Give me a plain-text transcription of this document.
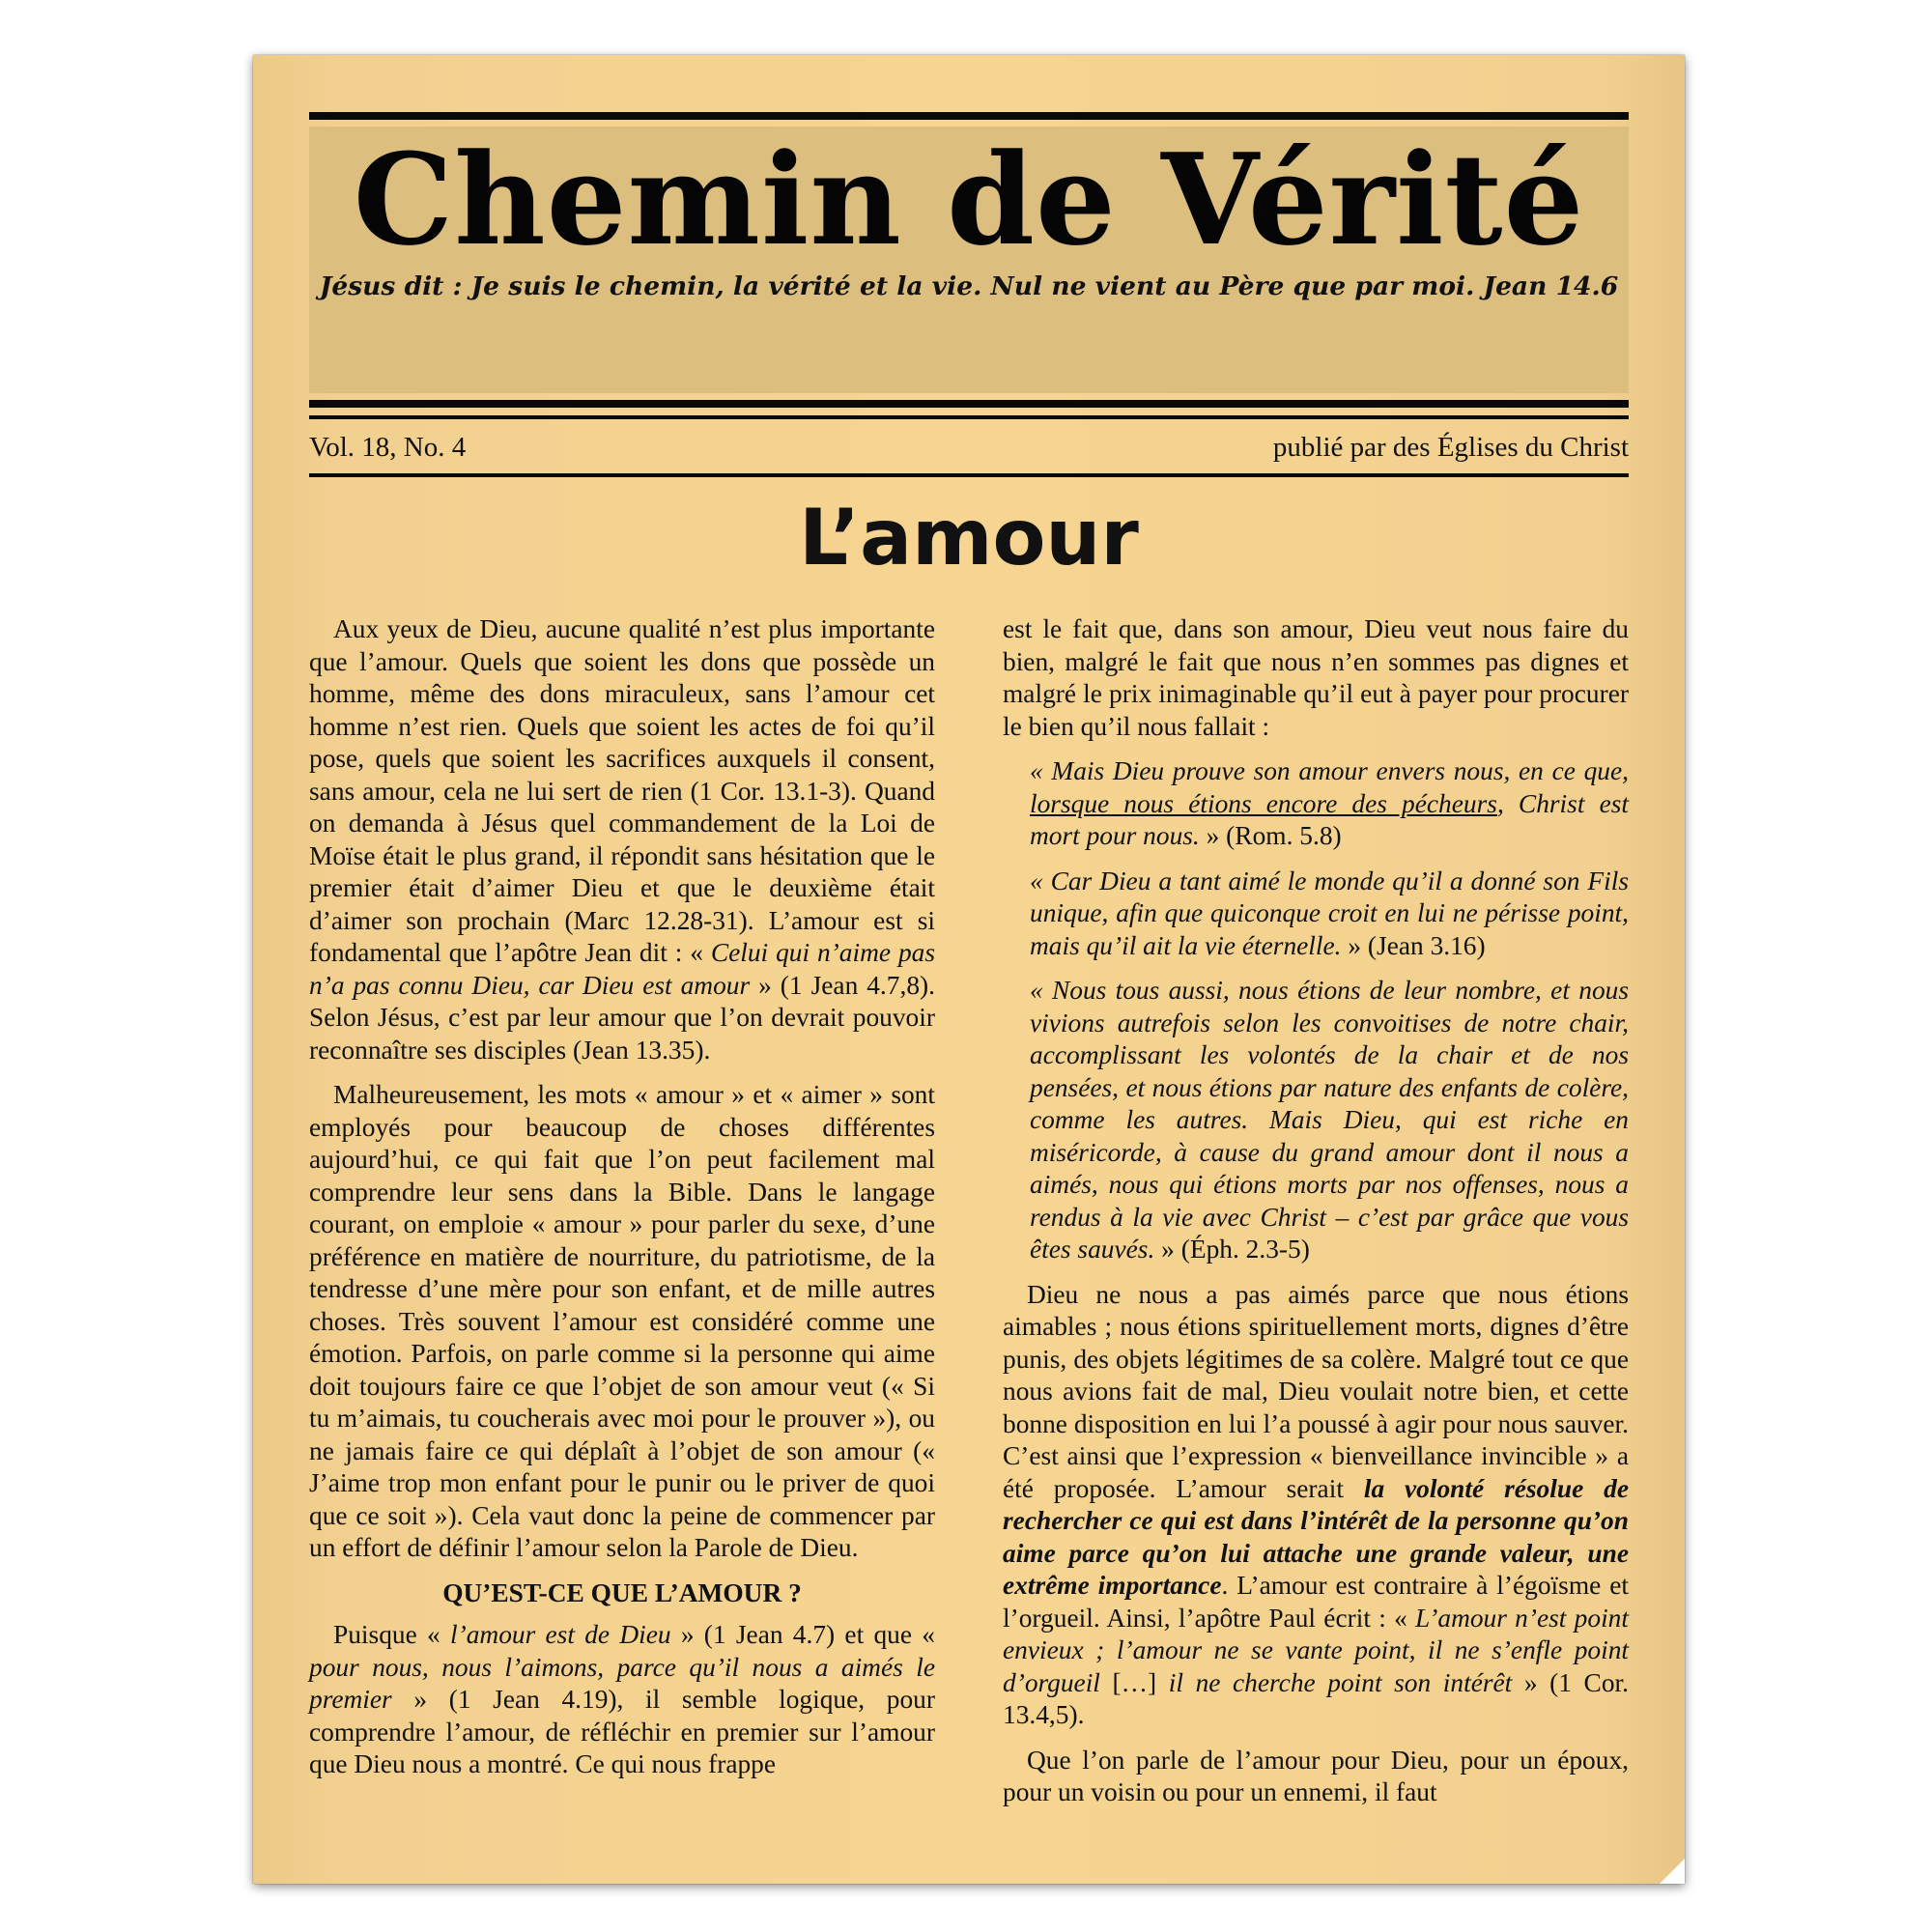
Chemin de Vérité
Jésus dit : Je suis le chemin, la vérité et la vie. Nul ne vient au Père que par moi. Jean 14.6
Vol. 18, No. 4	publié par des Églises du Christ
L’amour

Aux yeux de Dieu, aucune qualité n’est plus importante que l’amour. Quels que soient les dons que possède un homme, même des dons miraculeux, sans l’amour cet homme n’est rien. Quels que soient les actes de foi qu’il pose, quels que soient les sacrifices auxquels il consent, sans amour, cela ne lui sert de rien (1 Cor. 13.1-3). Quand on demanda à Jésus quel commandement de la Loi de Moïse était le plus grand, il répondit sans hésitation que le premier était d’aimer Dieu et que le deuxième était d’aimer son prochain (Marc 12.28-31). L’amour est si fondamental que l’apôtre Jean dit : « Celui qui n’aime pas n’a pas connu Dieu, car Dieu est amour » (1 Jean 4.7,8). Selon Jésus, c’est par leur amour que l’on devrait pouvoir reconnaître ses disciples (Jean 13.35).

Malheureusement, les mots « amour » et « aimer » sont employés pour beaucoup de choses différentes aujourd’hui, ce qui fait que l’on peut facilement mal comprendre leur sens dans la Bible. Dans le langage courant, on emploie « amour » pour parler du sexe, d’une préférence en matière de nourriture, du patriotisme, de la tendresse d’une mère pour son enfant, et de mille autres choses. Très souvent l’amour est considéré comme une émotion. Parfois, on parle comme si la personne qui aime doit toujours faire ce que l’objet de son amour veut (« Si tu m’aimais, tu coucherais avec moi pour le prouver »), ou ne jamais faire ce qui déplaît à l’objet de son amour (« J’aime trop mon enfant pour le punir ou le priver de quoi que ce soit »). Cela vaut donc la peine de commencer par un effort de définir l’amour selon la Parole de Dieu.

QU’EST-CE QUE L’AMOUR ?

Puisque « l’amour est de Dieu » (1 Jean 4.7) et que « pour nous, nous l’aimons, parce qu’il nous a aimés le premier » (1 Jean 4.19), il semble logique, pour comprendre l’amour, de réfléchir en premier sur l’amour que Dieu nous a montré. Ce qui nous frappe

est le fait que, dans son amour, Dieu veut nous faire du bien, malgré le fait que nous n’en sommes pas dignes et malgré le prix inimaginable qu’il eut à payer pour procurer le bien qu’il nous fallait :

« Mais Dieu prouve son amour envers nous, en ce que, lorsque nous étions encore des pécheurs, Christ est mort pour nous. » (Rom. 5.8)

« Car Dieu a tant aimé le monde qu’il a donné son Fils unique, afin que quiconque croit en lui ne périsse point, mais qu’il ait la vie éternelle. » (Jean 3.16)

« Nous tous aussi, nous étions de leur nombre, et nous vivions autrefois selon les convoitises de notre chair, accomplissant les volontés de la chair et de nos pensées, et nous étions par nature des enfants de colère, comme les autres. Mais Dieu, qui est riche en miséricorde, à cause du grand amour dont il nous a aimés, nous qui étions morts par nos offenses, nous a rendus à la vie avec Christ – c’est par grâce que vous êtes sauvés. » (Éph. 2.3-5)

Dieu ne nous a pas aimés parce que nous étions aimables ; nous étions spirituellement morts, dignes d’être punis, des objets légitimes de sa colère. Malgré tout ce que nous avions fait de mal, Dieu voulait notre bien, et cette bonne disposition en lui l’a poussé à agir pour nous sauver. C’est ainsi que l’expression « bienveillance invincible » a été proposée. L’amour serait la volonté résolue de rechercher ce qui est dans l’intérêt de la personne qu’on aime parce qu’on lui attache une grande valeur, une extrême importance. L’amour est contraire à l’égoïsme et l’orgueil. Ainsi, l’apôtre Paul écrit : « L’amour n’est point envieux ; l’amour ne se vante point, il ne s’enfle point d’orgueil […] il ne cherche point son intérêt » (1 Cor. 13.4,5).

Que l’on parle de l’amour pour Dieu, pour un époux, pour un voisin ou pour un ennemi, il faut
